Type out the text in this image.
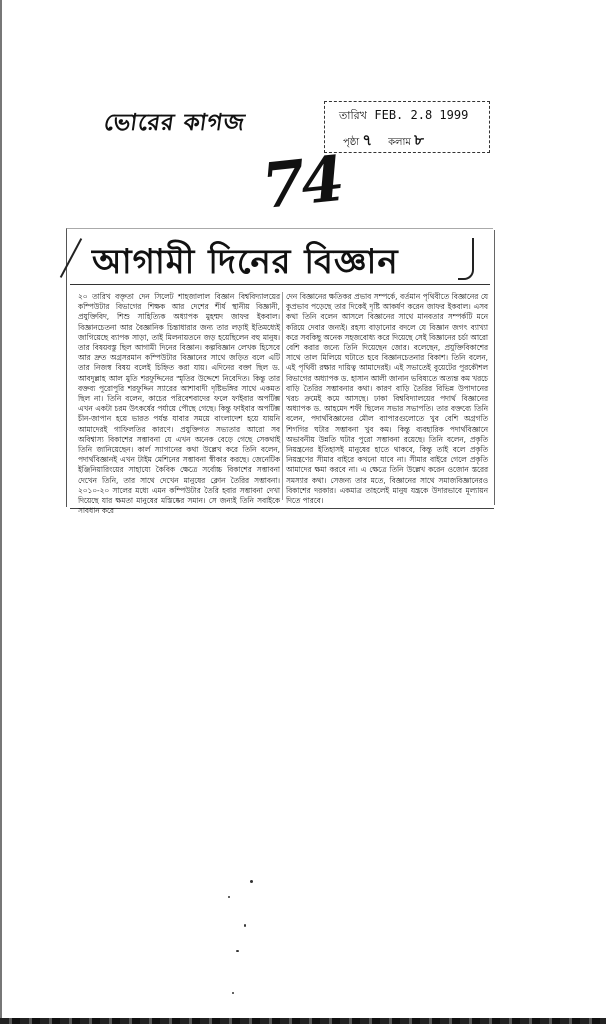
ভোরের কাগজ	তারিখ FEB. 2.8 1999
পৃষ্ঠা ৭ কলাম ৮
74
আগামী দিনের বিজ্ঞান

২০ তারিখ বক্তৃতা দেন সিলেট শাহজালাল বিজ্ঞান বিশ্ববিদ্যালয়ের কম্পিউটার বিভাগের শিক্ষক আর দেশের শীর্ষ স্থানীয় বিজ্ঞানী, প্রযুক্তিবিদ, শিশু সাহিত্যিক অধ্যাপক মুহম্মদ জাফর ইকবাল। বিজ্ঞানচেতনা আর বৈজ্ঞানিক চিন্তাধারার জন্য তার লড়াই ইতিমধ্যেই জাগিয়েছে ব্যাপক সাড়া, তাই মিলনায়তনে জড় হয়েছিলেন বহু মানুষ। তার বিষয়বস্তু ছিল আগামী দিনের বিজ্ঞান। কল্পবিজ্ঞান লেখক হিসেবে আর দ্রুত অগ্রসরমান কম্পিউটার বিজ্ঞানের সাথে জড়িত বলে এটি তার নিজস্ব বিষয় বলেই চিহ্নিত করা যায়। এদিনের বক্তা ছিল ড. আবদুল্লাহ আল মুতি শরফুদ্দিনের স্মৃতির উদ্দেশে নিবেদিত। কিন্তু তার বক্তব্য পুরোপুরি শরফুদ্দিন স্যারের আশাবাদী দৃষ্টিভঙ্গির সাথে একমত ছিল না। তিনি বলেন, কাচের পরিবেশবাদের ফলে ফাইবার অপটিক্স এখন একটা চরম উৎকর্ষের পর্যায়ে পৌছে গেছে। কিন্তু ফাইবার অপটিক্স চীন-জাপান হয়ে ভারত পর্যন্ত যাবার সময়ে বাংলাদেশ হয়ে যায়নি আমাদেরই গাফিলতির কারণে। প্রযুক্তিগত সভ্যতার আরো সব অবিশ্বাস্য বিকাশের সম্ভাবনা যে এখন অনেক বেড়ে গেছে সেকথাই তিনি জানিয়েছেন। কার্ল স্যাগানের কথা উল্লেখ করে তিনি বলেন, পদার্থবিজ্ঞানই এখন টাইম মেশিনের সম্ভাবনা স্বীকার করছে। জেনেটিক ইঞ্জিনিয়ারিংয়ের সাহায্যে কৈবিক ক্ষেত্রে সর্বোচ্চ বিকাশের সম্ভাবনা দেখেন তিনি, তার সাথে দেখেন মানুষের ক্লোন তৈরির সম্ভাবনা। ২০১০-২০ সালের মধ্যে এমন কম্পিউটার তৈরি হবার সম্ভাবনা দেখা দিয়েছে যার ক্ষমতা মানুষের মস্তিষ্কের সমান। সে জন্যই তিনি সবাইকে সাবধান করে

দেন বিজ্ঞানের ক্ষতিকর প্রভাব সম্পর্কে, বর্তমান পৃথিবীতে বিজ্ঞানের যে কুপ্রভাব পড়েছে তার দিকেই দৃষ্টি আকর্ষণ করেন জাফর ইকবাল। এসব কথা তিনি বলেন আসলে বিজ্ঞানের সাথে মানবতার সম্পর্কটি মনে করিয়ে দেবার জন্যই। রহস্য বাড়ানোর বদলে যে বিজ্ঞান জগৎ ব্যাখ্যা করে সবকিছু অনেক সহজবোধ্য করে দিয়েছে সেই বিজ্ঞানের চর্চা আরো বেশি করার জন্যে তিনি দিয়েছেন জোর। বলেছেন, প্রযুক্তিবিকাশের সাথে তাল মিলিয়ে ঘটাতে হবে বিজ্ঞানচেতনার বিকাশ। তিনি বলেন, এই পৃথিবী রক্ষার দায়িত্ব আমাদেরই। এই সভাতেই বুয়েটের পুরকৌশল বিভাগের অধ্যাপক ড. হাসান আলী জানান ভবিষ্যতে অত্যন্ত কম খরচে বাড়ি তৈরির সম্ভাবনার কথা। কারণ বাড়ি তৈরির বিভিন্ন উপাদানের খরচ ক্রমেই কমে আসছে। ঢাকা বিশ্ববিদ্যালয়ের পদার্থ বিজ্ঞানের অধ্যাপক ড. আহমেদ শফী ছিলেন সভার সভাপতি। তার বক্তব্যে তিনি বলেন, পদার্থবিজ্ঞানের মৌল ব্যাপারগুলোতে খুব বেশি অগ্রগতি শিগগির ঘটার সম্ভাবনা খুব কম। কিন্তু ব্যবহারিক পদার্থবিজ্ঞানে অভাবনীয় উন্নতি ঘটার পুরো সম্ভাবনা রয়েছে। তিনি বলেন, প্রকৃতি নিয়ন্ত্রনের ইতিহাসই মানুষের হাতে থাকবে, কিন্তু তাই বলে প্রকৃতি নিয়ন্ত্রণের সীমার বাইরে কখনো যাবে না। সীমার বাইরে গেলে প্রকৃতি আমাদের ক্ষমা করবে না। এ ক্ষেত্রে তিনি উল্লেখ করেন ওজোন স্তরের সমস্যার কথা। সেজন্য তার মতে, বিজ্ঞানের সাথে সমাজবিজ্ঞানেরও বিকাশের দরকার। একমাত্র তাহলেই মানুষ যন্ত্রকে উদারভাবে মূল্যায়ন দিতে পারবে।
